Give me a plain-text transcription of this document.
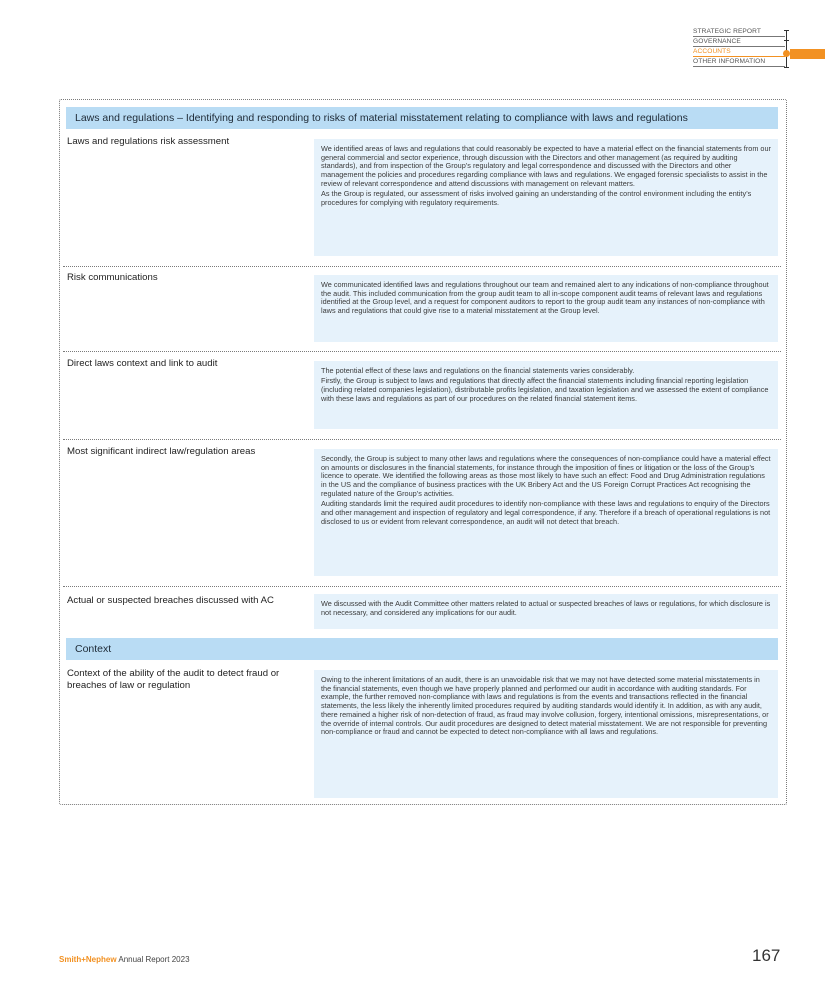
STRATEGIC REPORT
GOVERNANCE
ACCOUNTS
OTHER INFORMATION
Laws and regulations – Identifying and responding to risks of material misstatement relating to compliance with laws and regulations
Laws and regulations risk assessment

We identified areas of laws and regulations that could reasonably be expected to have a material effect on the financial statements from our general commercial and sector experience, through discussion with the Directors and other management (as required by auditing standards), and from inspection of the Group’s regulatory and legal correspondence and discussed with the Directors and other management the policies and procedures regarding compliance with laws and regulations. We engaged forensic specialists to assist in the review of relevant correspondence and attend discussions with management on relevant matters.

As the Group is regulated, our assessment of risks involved gaining an understanding of the control environment including the entity’s procedures for complying with regulatory requirements.

Risk communications

We communicated identified laws and regulations throughout our team and remained alert to any indications of non-compliance throughout the audit. This included communication from the group audit team to all in-scope component audit teams of relevant laws and regulations identified at the Group level, and a request for component auditors to report to the group audit team any instances of non-compliance with laws and regulations that could give rise to a material misstatement at the Group level.

Direct laws context and link to audit

The potential effect of these laws and regulations on the financial statements varies considerably.

Firstly, the Group is subject to laws and regulations that directly affect the financial statements including financial reporting legislation (including related companies legislation), distributable profits legislation, and taxation legislation and we assessed the extent of compliance with these laws and regulations as part of our procedures on the related financial statement items.

Most significant indirect law/regulation areas

Secondly, the Group is subject to many other laws and regulations where the consequences of non-compliance could have a material effect on amounts or disclosures in the financial statements, for instance through the imposition of fines or litigation or the loss of the Group’s licence to operate. We identified the following areas as those most likely to have such an effect: Food and Drug Administration regulations in the US and the compliance of business practices with the UK Bribery Act and the US Foreign Corrupt Practices Act recognising the regulated nature of the Group’s activities.

Auditing standards limit the required audit procedures to identify non-compliance with these laws and regulations to enquiry of the Directors and other management and inspection of regulatory and legal correspondence, if any. Therefore if a breach of operational regulations is not disclosed to us or evident from relevant correspondence, an audit will not detect that breach.

Actual or suspected breaches discussed with AC	We discussed with the Audit Committee other matters related to actual or suspected breaches of laws or regulations, for which disclosure is not necessary, and considered any implications for our audit.

Context
Context of the ability of the audit to detect fraud or breaches of law or regulation

Owing to the inherent limitations of an audit, there is an unavoidable risk that we may not have detected some material misstatements in the financial statements, even though we have properly planned and performed our audit in accordance with auditing standards. For example, the further removed non-compliance with laws and regulations is from the events and transactions reflected in the financial statements, the less likely the inherently limited procedures required by auditing standards would identify it. In addition, as with any audit, there remained a higher risk of non-detection of fraud, as fraud may involve collusion, forgery, intentional omissions, misrepresentations, or the override of internal controls. Our audit procedures are designed to detect material misstatement. We are not responsible for preventing non-compliance or fraud and cannot be expected to detect non-compliance with all laws and regulations.

Smith+Nephew Annual Report 2023	167
